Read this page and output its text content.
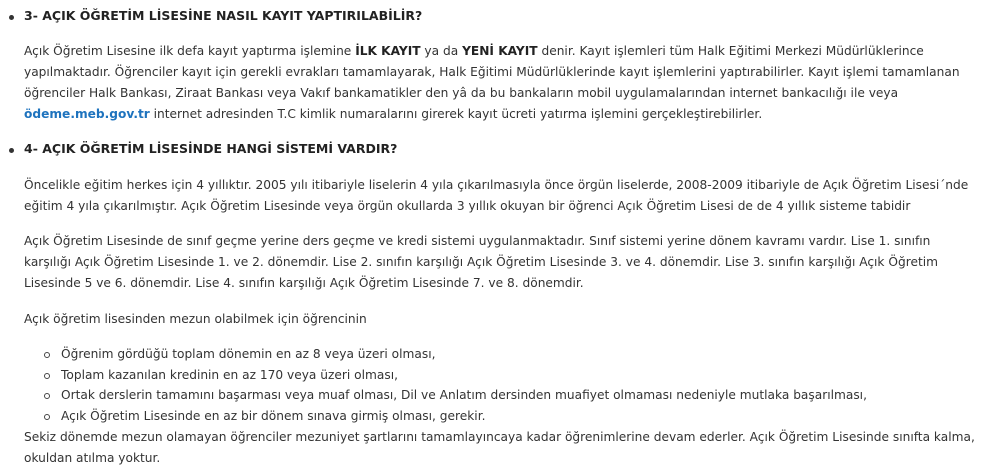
3- AÇIK ÖĞRETİM LİSESİNE NASIL KAYIT YAPTIRILABİLİR?
Açık Öğretim Lisesine ilk defa kayıt yaptırma işlemine İLK KAYIT ya da YENİ KAYIT denir. Kayıt işlemleri tüm Halk Eğitimi Merkezi Müdürlüklerince yapılmaktadır. Öğrenciler kayıt için gerekli evrakları tamamlayarak, Halk Eğitimi Müdürlüklerinde kayıt işlemlerini yaptırabilirler. Kayıt işlemi tamamlanan öğrenciler Halk Bankası, Ziraat Bankası veya Vakıf bankamatikler den yâ da bu bankaların mobil uygulamalarından internet bankacılığı ile veya ödeme.meb.gov.tr internet adresinden T.C kimlik numaralarını girerek kayıt ücreti yatırma işlemini gerçekleştirebilirler.
4- AÇIK ÖĞRETİM LİSESİNDE HANGİ SİSTEMİ VARDIR?
Öncelikle eğitim herkes için 4 yıllıktır. 2005 yılı itibariyle liselerin 4 yıla çıkarılmasıyla önce örgün liselerde, 2008-2009 itibariyle de Açık Öğretim Lisesi´nde eğitim 4 yıla çıkarılmıştır. Açık Öğretim Lisesinde veya örgün okullarda 3 yıllık okuyan bir öğrenci Açık Öğretim Lisesi de de 4 yıllık sisteme tabidir
Açık Öğretim Lisesinde de sınıf geçme yerine ders geçme ve kredi sistemi uygulanmaktadır. Sınıf sistemi yerine dönem kavramı vardır. Lise 1. sınıfın karşılığı Açık Öğretim Lisesinde 1. ve 2. dönemdir. Lise 2. sınıfın karşılığı Açık Öğretim Lisesinde 3. ve 4. dönemdir. Lise 3. sınıfın karşılığı Açık Öğretim Lisesinde 5 ve 6. dönemdir. Lise 4. sınıfın karşılığı Açık Öğretim Lisesinde 7. ve 8. dönemdir.
Açık öğretim lisesinden mezun olabilmek için öğrencinin
Öğrenim gördüğü toplam dönemin en az 8 veya üzeri olması,
Toplam kazanılan kredinin en az 170 veya üzeri olması,
Ortak derslerin tamamını başarması veya muaf olması, Dil ve Anlatım dersinden muafiyet olmaması nedeniyle mutlaka başarılması,
Açık Öğretim Lisesinde en az bir dönem sınava girmiş olması, gerekir.
Sekiz dönemde mezun olamayan öğrenciler mezuniyet şartlarını tamamlayıncaya kadar öğrenimlerine devam ederler. Açık Öğretim Lisesinde sınıfta kalma, okuldan atılma yoktur.
